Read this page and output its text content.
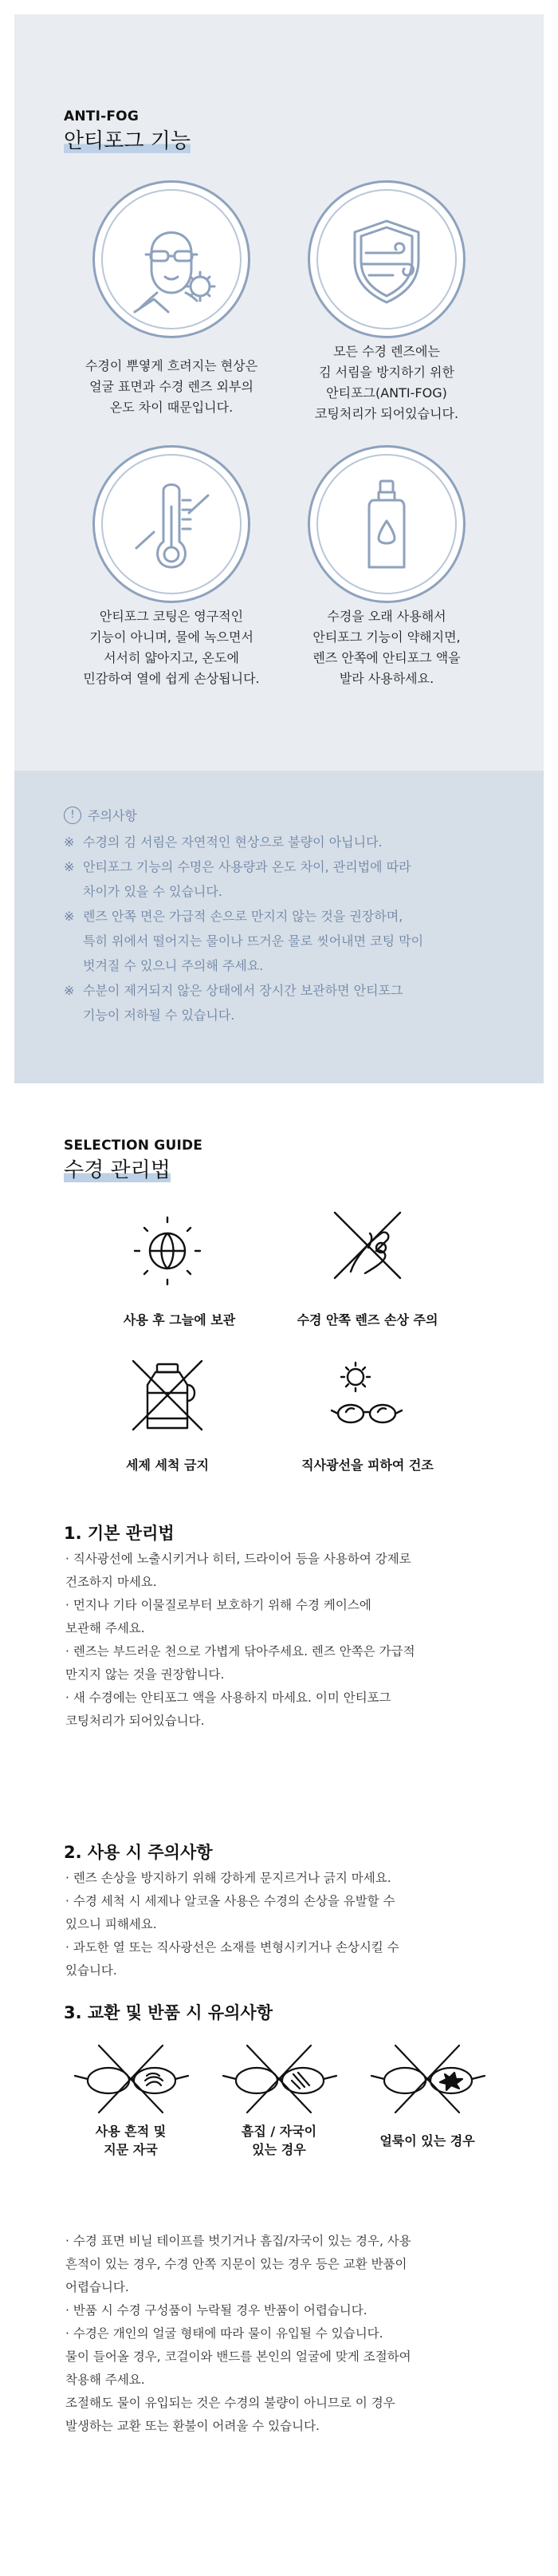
ANTI-FOG
안티포그 기능
수경이 뿌옇게 흐려지는 현상은
얼굴 표면과 수경 렌즈 외부의
온도 차이 때문입니다.
모든 수경 렌즈에는
김 서림을 방지하기 위한
안티포그(ANTI-FOG)
코팅처리가 되어있습니다.
안티포그 코팅은 영구적인
기능이 아니며, 물에 녹으면서
서서히 얇아지고, 온도에
민감하여 열에 쉽게 손상됩니다.
수경을 오래 사용해서
안티포그 기능이 약해지면,
렌즈 안쪽에 안티포그 액을
발라 사용하세요.
!	주의사항
※ 수경의 김 서림은 자연적인 현상으로 불량이 아닙니다.
※ 안티포그 기능의 수명은 사용량과 온도 차이, 관리법에 따라
차이가 있을 수 있습니다.
※ 렌즈 안쪽 면은 가급적 손으로 만지지 않는 것을 권장하며,
특히 위에서 떨어지는 물이나 뜨거운 물로 씻어내면 코팅 막이
벗겨질 수 있으니 주의해 주세요.
※ 수분이 제거되지 않은 상태에서 장시간 보관하면 안티포그
기능이 저하될 수 있습니다.
SELECTION GUIDE
수경 관리법
사용 후 그늘에 보관	수경 안쪽 렌즈 손상 주의
세제 세척 금지	직사광선을 피하여 건조
1. 기본 관리법
· 직사광선에 노출시키거나 히터, 드라이어 등을 사용하여 강제로
건조하지 마세요.
· 먼지나 기타 이물질로부터 보호하기 위해 수경 케이스에
보관해 주세요.
· 렌즈는 부드러운 천으로 가볍게 닦아주세요. 렌즈 안쪽은 가급적
만지지 않는 것을 권장합니다.
· 새 수경에는 안티포그 액을 사용하지 마세요. 이미 안티포그
코팅처리가 되어있습니다.
2. 사용 시 주의사항
· 렌즈 손상을 방지하기 위해 강하게 문지르거나 긁지 마세요.
· 수경 세척 시 세제나 알코올 사용은 수경의 손상을 유발할 수
있으니 피해세요.
· 과도한 열 또는 직사광선은 소재를 변형시키거나 손상시킬 수
있습니다.
3. 교환 및 반품 시 유의사항
사용 흔적 및
지문 자국
흠집 / 자국이
있는 경우
얼룩이 있는 경우
· 수경 표면 비닐 테이프를 벗기거나 흠집/자국이 있는 경우, 사용
흔적이 있는 경우, 수경 안쪽 지문이 있는 경우 등은 교환 반품이
어렵습니다.
· 반품 시 수경 구성품이 누락될 경우 반품이 어렵습니다.
· 수경은 개인의 얼굴 형태에 따라 물이 유입될 수 있습니다.
물이 들어올 경우, 코걸이와 밴드를 본인의 얼굴에 맞게 조절하여
착용해 주세요.
조절해도 물이 유입되는 것은 수경의 불량이 아니므로 이 경우
발생하는 교환 또는 환불이 어려울 수 있습니다.
